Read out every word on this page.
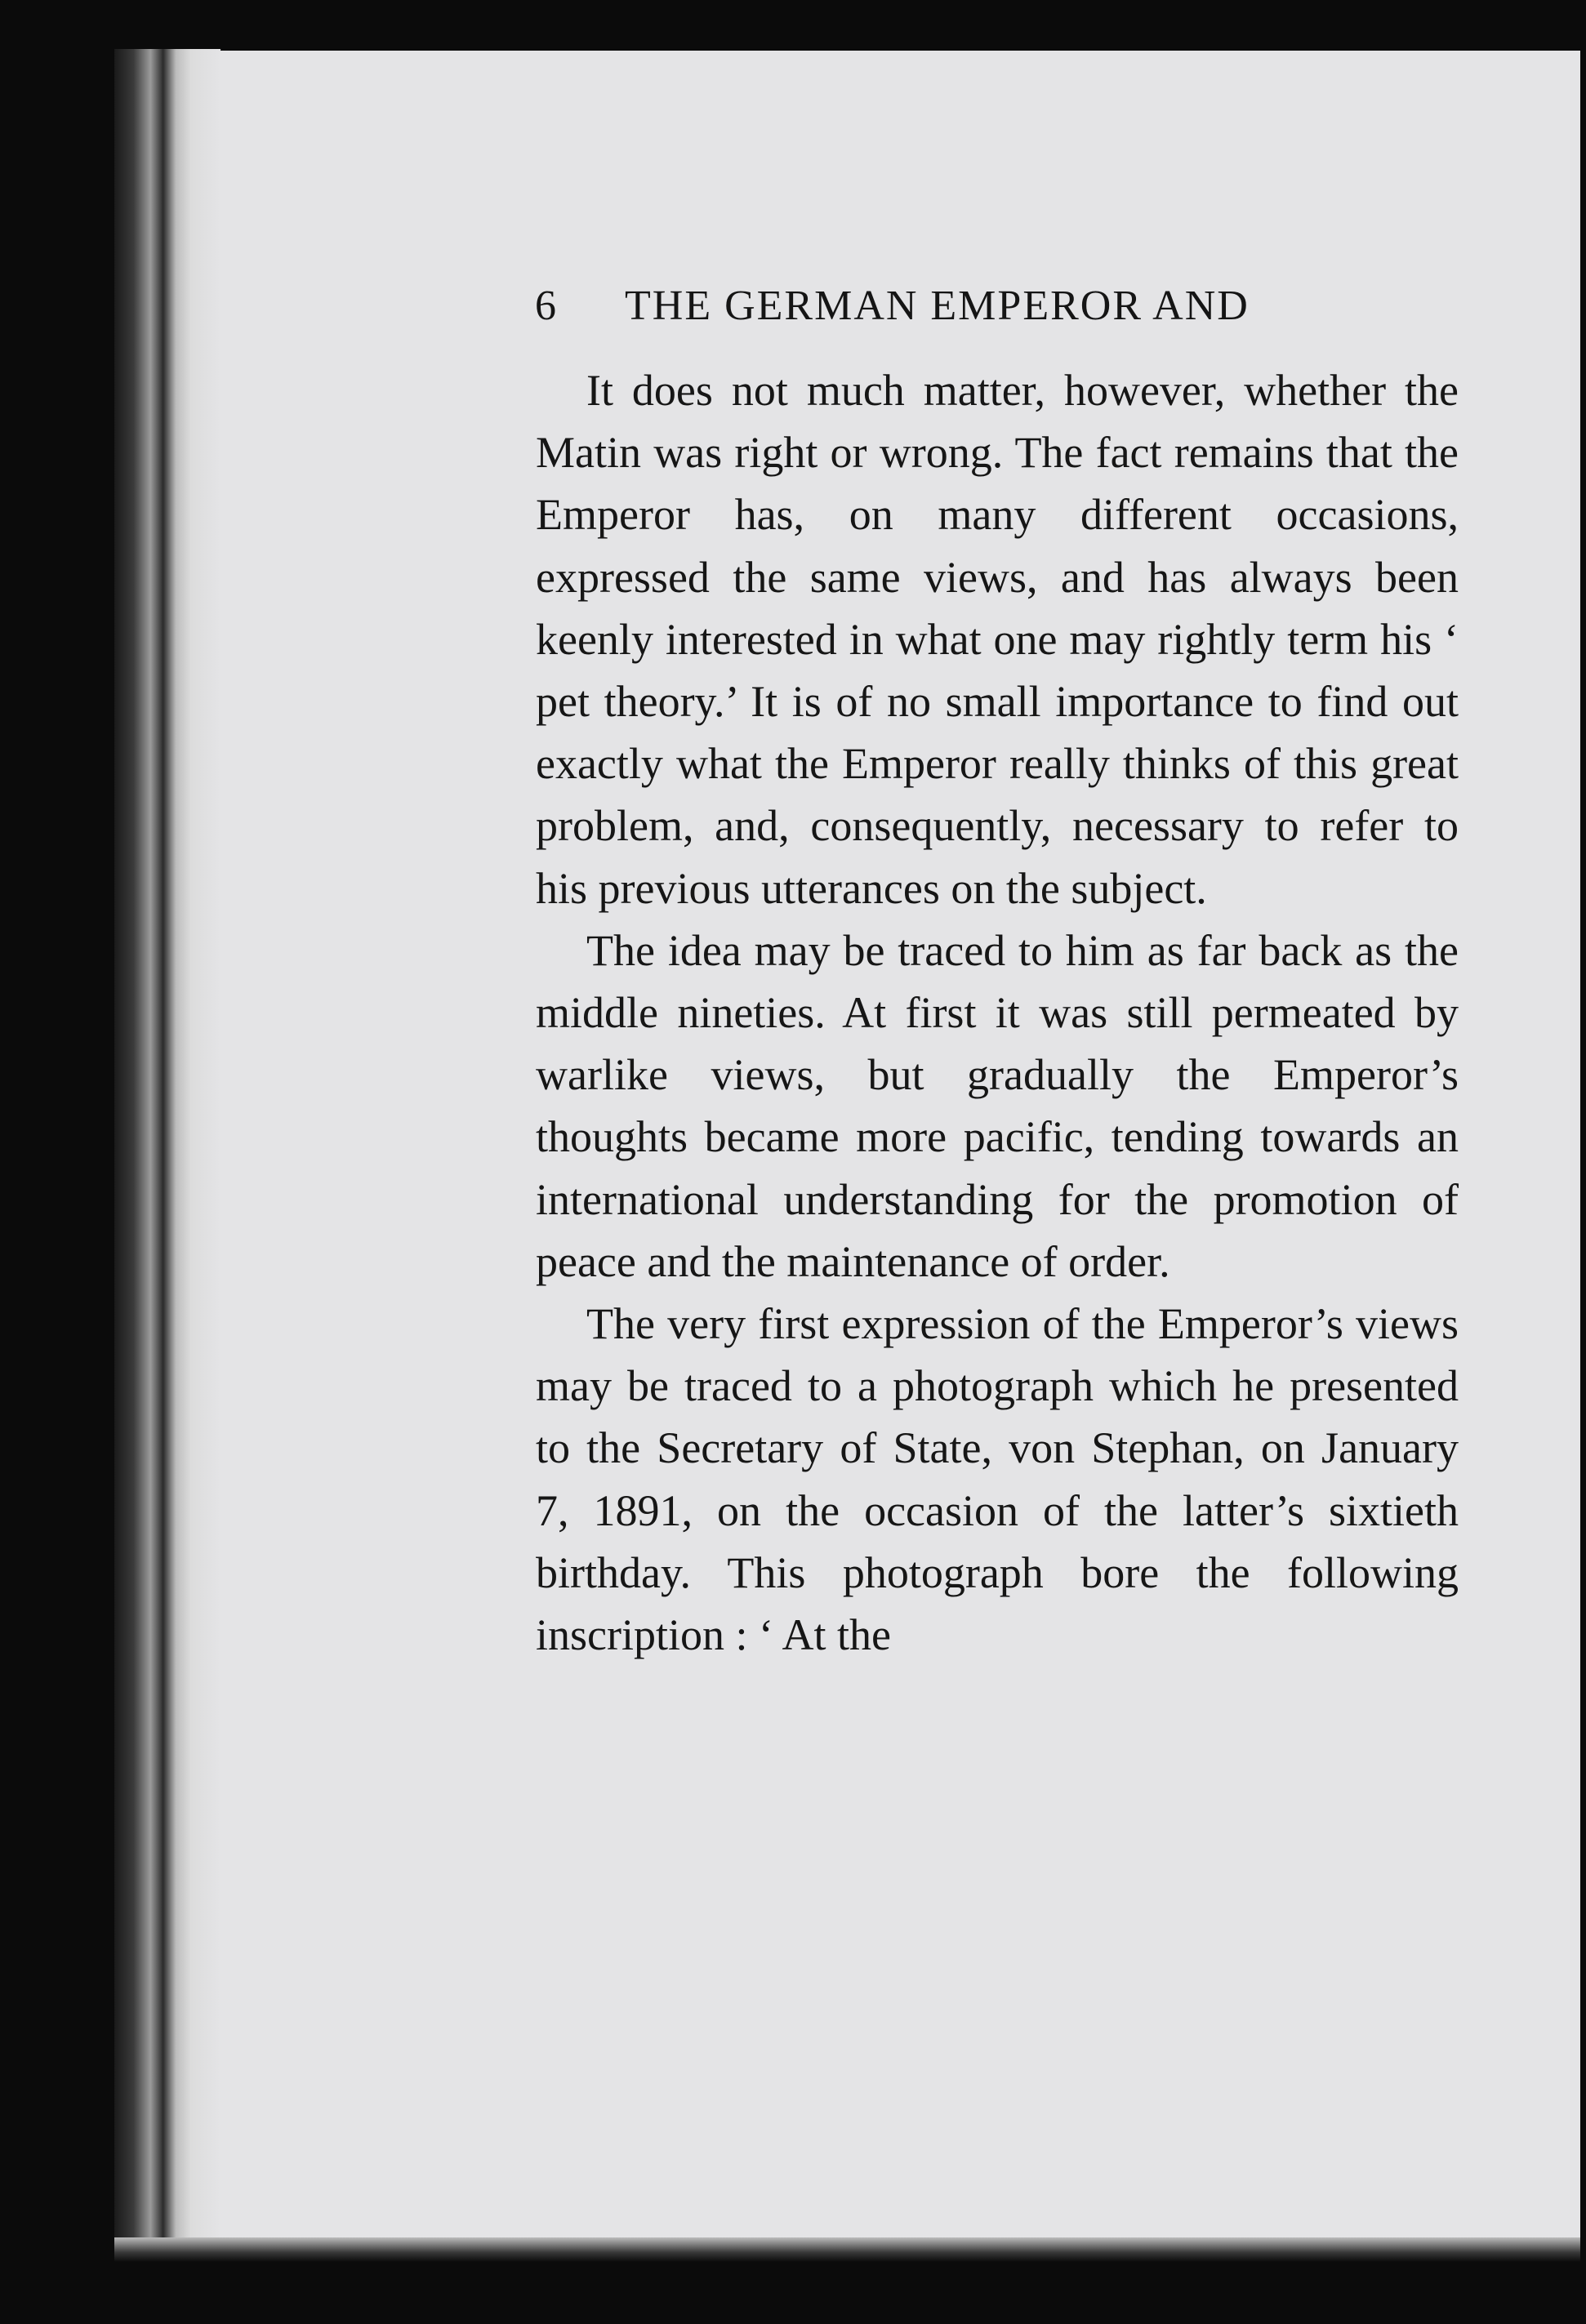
6	THE GERMAN EMPEROR AND

It does not much matter, however, whether the Matin was right or wrong. The fact remains that the Emperor has, on many different occasions, expressed the same views, and has always been keenly interested in what one may rightly term his ‘ pet theory.’ It is of no small importance to find out exactly what the Emperor really thinks of this great problem, and, consequently, necessary to refer to his previous utterances on the subject.

The idea may be traced to him as far back as the middle nineties. At first it was still permeated by warlike views, but gradually the Emperor’s thoughts became more pacific, tending towards an international understanding for the promotion of peace and the maintenance of order.

The very first expression of the Emperor’s views may be traced to a photograph which he presented to the Secretary of State, von Stephan, on January 7, 1891, on the occasion of the latter’s sixtieth birthday. This photograph bore the following inscription : ‘ At the
